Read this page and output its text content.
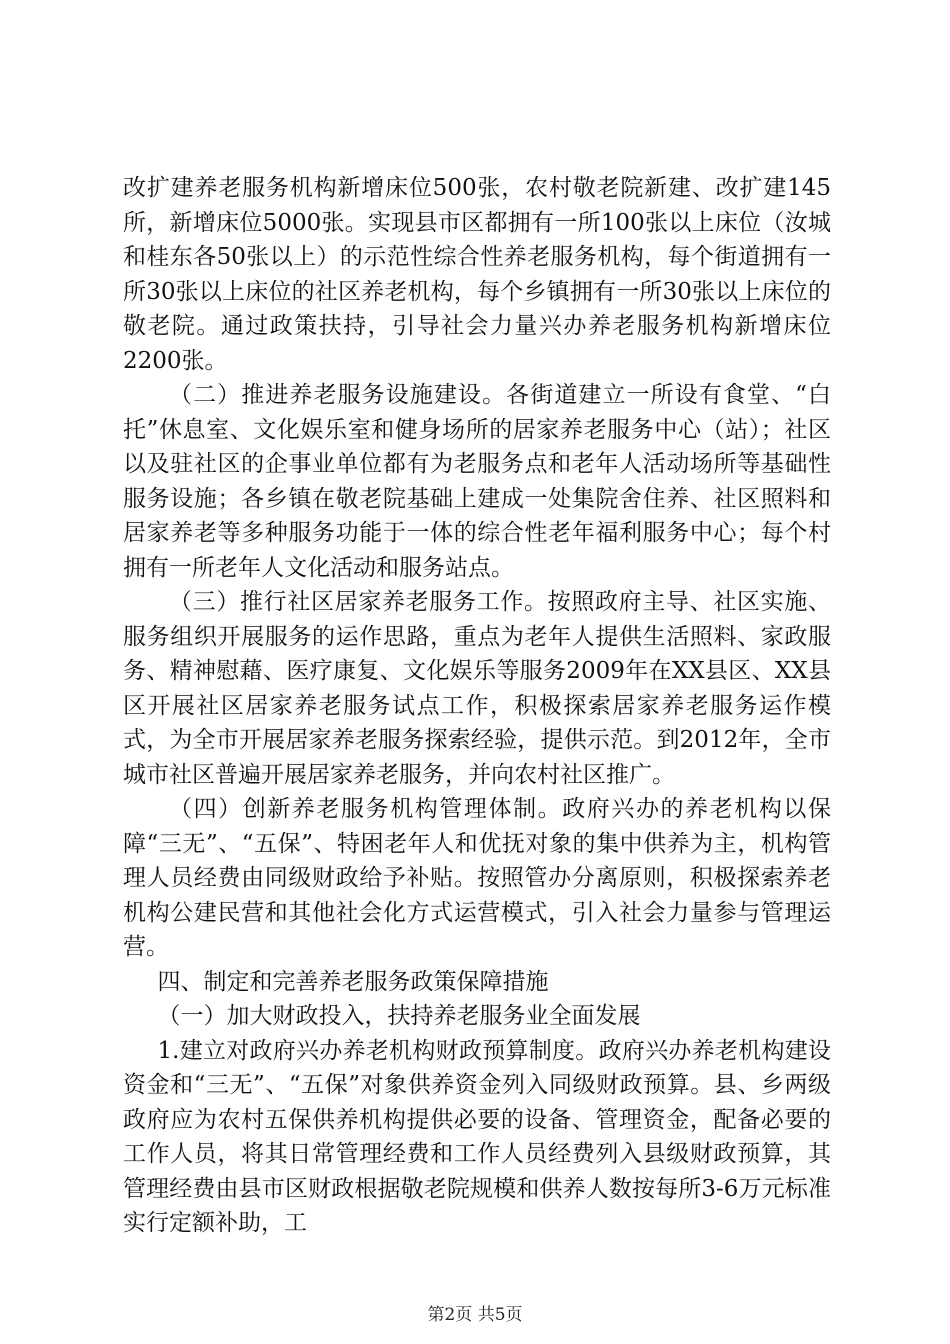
改扩建养老服务机构新增床位500张，农村敬老院新建、改扩建145所，新增床位5000张。实现县市区都拥有一所100张以上床位（汝城和桂东各50张以上）的示范性综合性养老服务机构，每个街道拥有一所30张以上床位的社区养老机构，每个乡镇拥有一所30张以上床位的敬老院。通过政策扶持，引导社会力量兴办养老服务机构新增床位2200张。

（二）推进养老服务设施建设。各街道建立一所设有食堂、“白托”休息室、文化娱乐室和健身场所的居家养老服务中心（站）；社区以及驻社区的企事业单位都有为老服务点和老年人活动场所等基础性服务设施；各乡镇在敬老院基础上建成一处集院舍住养、社区照料和居家养老等多种服务功能于一体的综合性老年福利服务中心；每个村拥有一所老年人文化活动和服务站点。

（三）推行社区居家养老服务工作。按照政府主导、社区实施、服务组织开展服务的运作思路，重点为老年人提供生活照料、家政服务、精神慰藉、医疗康复、文化娱乐等服务2009年在XX县区、XX县区开展社区居家养老服务试点工作，积极探索居家养老服务运作模式，为全市开展居家养老服务探索经验，提供示范。到2012年，全市城市社区普遍开展居家养老服务，并向农村社区推广。

（四）创新养老服务机构管理体制。政府兴办的养老机构以保障“三无”、“五保”、特困老年人和优抚对象的集中供养为主，机构管理人员经费由同级财政给予补贴。按照管办分离原则，积极探索养老机构公建民营和其他社会化方式运营模式，引入社会力量参与管理运营。

四、制定和完善养老服务政策保障措施

（一）加大财政投入，扶持养老服务业全面发展

1.建立对政府兴办养老机构财政预算制度。政府兴办养老机构建设资金和“三无”、“五保”对象供养资金列入同级财政预算。县、乡两级政府应为农村五保供养机构提供必要的设备、管理资金，配备必要的工作人员，将其日常管理经费和工作人员经费列入县级财政预算，其管理经费由县市区财政根据敬老院规模和供养人数按每所3-6万元标准实行定额补助，工

第2页 共5页
